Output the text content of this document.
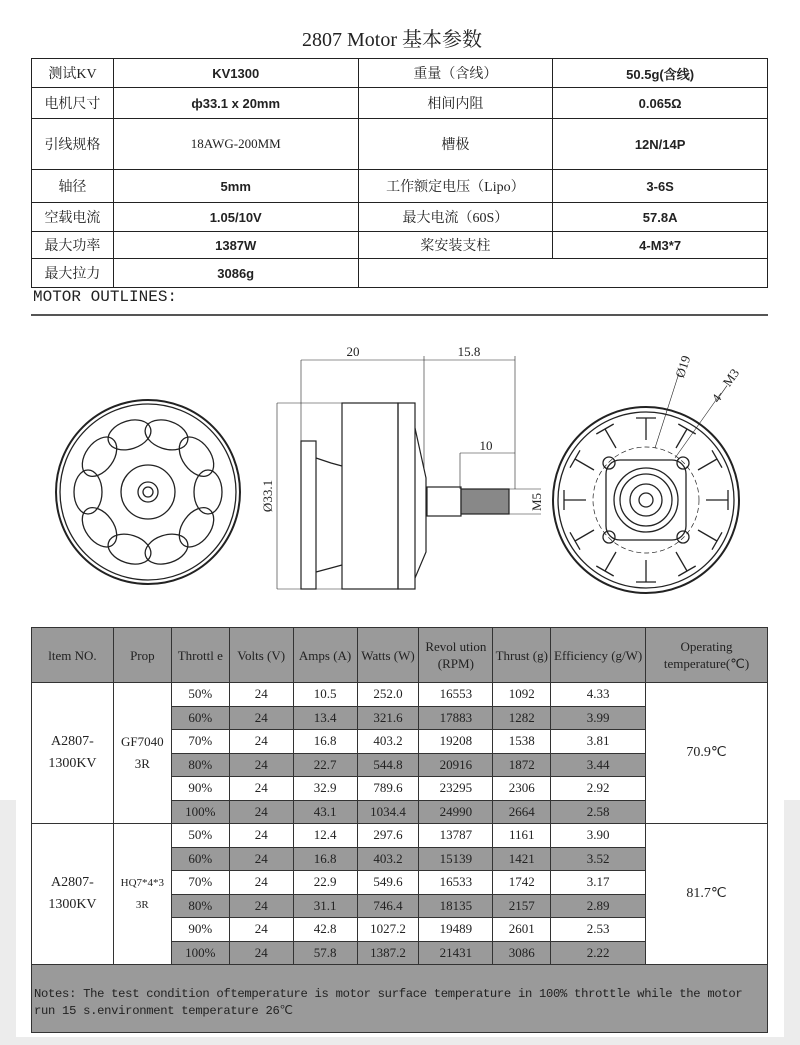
2807 Motor 基本参数
测试KV	KV1300	重量（含线）	50.5g(含线)
电机尺寸	ф33.1 x 20mm	相间内阻	0.065Ω
引线规格	18AWG-200MM	槽极	12N/14P
轴径	5mm	工作额定电压（Lipo）	3-6S
空载电流	1.05/10V	最大电流（60S）	57.8A
最大功率	1387W	桨安装支柱	4-M3*7
最大拉力	3086g		
MOTOR OUTLINES:
20	15.8
10
Ø33.1	M5
Ø19 4—M3
ltem NO.	Prop	Throttl e	Volts (V)	Amps (A)	Watts (W)	Revol ution (RPM)	Thrust (g)	Efficiency (g/W)	Operating temperature(℃)
A2807- 1300KV	GF7040 3R	50%	24	10.5	252.0	16553	1092	4.33	70.9℃
		60%	24	13.4	321.6	17883	1282	3.99	
		70%	24	16.8	403.2	19208	1538	3.81	
		80%	24	22.7	544.8	20916	1872	3.44	
		90%	24	32.9	789.6	23295	2306	2.92	
		100%	24	43.1	1034.4	24990	2664	2.58	
A2807- 1300KV	HQ7*4*3 3R	50%	24	12.4	297.6	13787	1161	3.90	81.7℃
		60%	24	16.8	403.2	15139	1421	3.52	
		70%	24	22.9	549.6	16533	1742	3.17	
		80%	24	31.1	746.4	18135	2157	2.89	
		90%	24	42.8	1027.2	19489	2601	2.53	
		100%	24	57.8	1387.2	21431	3086	2.22	
Notes: The test condition oftemperature is motor surface temperature in 100% throttle while the motor run 15 s.environment temperature 26℃
